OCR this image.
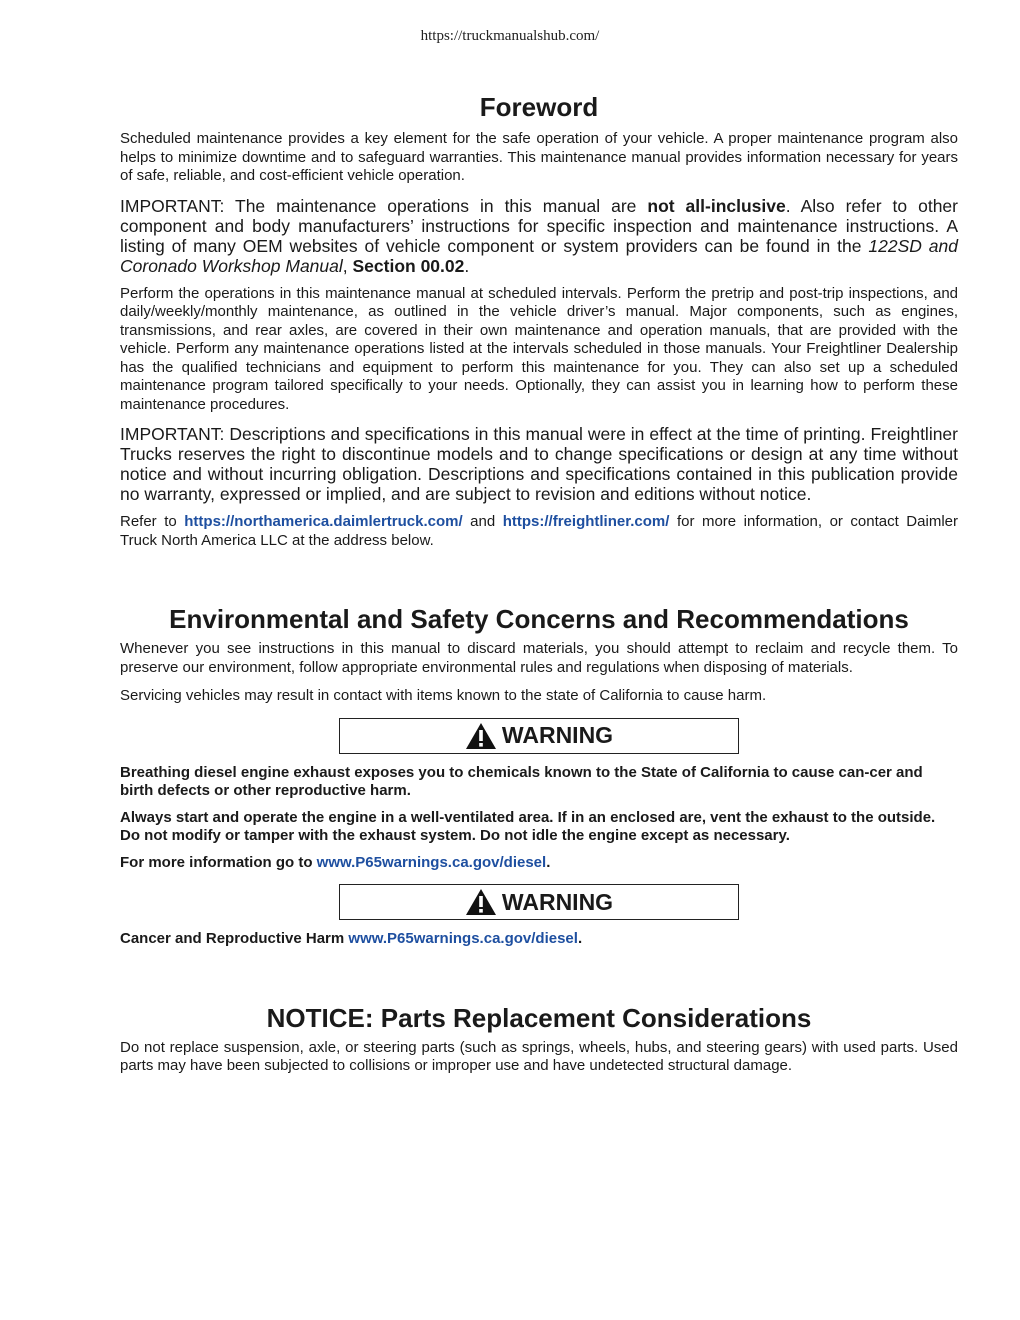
https://truckmanualshub.com/
Foreword

Scheduled maintenance provides a key element for the safe operation of your vehicle. A proper maintenance program also helps to minimize downtime and to safeguard warranties. This maintenance manual provides information necessary for years of safe, reliable, and cost-efficient vehicle operation.

IMPORTANT: The maintenance operations in this manual are not all-inclusive. Also refer to other component and body manufacturers’ instructions for specific inspection and maintenance instructions. A listing of many OEM websites of vehicle component or system providers can be found in the 122SD and Coronado Workshop Manual, Section 00.02.

Perform the operations in this maintenance manual at scheduled intervals. Perform the pretrip and post-trip inspections, and daily/weekly/monthly maintenance, as outlined in the vehicle driver’s manual. Major components, such as engines, transmissions, and rear axles, are covered in their own maintenance and operation manuals, that are provided with the vehicle. Perform any maintenance operations listed at the intervals scheduled in those manuals. Your Freightliner Dealership has the qualified technicians and equipment to perform this maintenance for you. They can also set up a scheduled maintenance program tailored specifically to your needs. Optionally, they can assist you in learning how to perform these maintenance procedures.

IMPORTANT: Descriptions and specifications in this manual were in effect at the time of printing. Freightliner Trucks reserves the right to discontinue models and to change specifications or design at any time without notice and without incurring obligation. Descriptions and specifications contained in this publication provide no warranty, expressed or implied, and are subject to revision and editions without notice.

Refer to https://northamerica.daimlertruck.com/ and https://freightliner.com/ for more information, or contact Daimler Truck North America LLC at the address below.

Environmental and Safety Concerns and Recommendations

Whenever you see instructions in this manual to discard materials, you should attempt to reclaim and recycle them. To preserve our environment, follow appropriate environmental rules and regulations when disposing of materials.

Servicing vehicles may result in contact with items known to the state of California to cause harm.

WARNING

Breathing diesel engine exhaust exposes you to chemicals known to the State of California to cause can-cer and birth defects or other reproductive harm.

Always start and operate the engine in a well-ventilated area. If in an enclosed are, vent the exhaust to the outside. Do not modify or tamper with the exhaust system. Do not idle the engine except as necessary.

For more information go to www.P65warnings.ca.gov/diesel.

WARNING

Cancer and Reproductive Harm www.P65warnings.ca.gov/diesel.

NOTICE: Parts Replacement Considerations

Do not replace suspension, axle, or steering parts (such as springs, wheels, hubs, and steering gears) with used parts. Used parts may have been subjected to collisions or improper use and have undetected structural damage.
